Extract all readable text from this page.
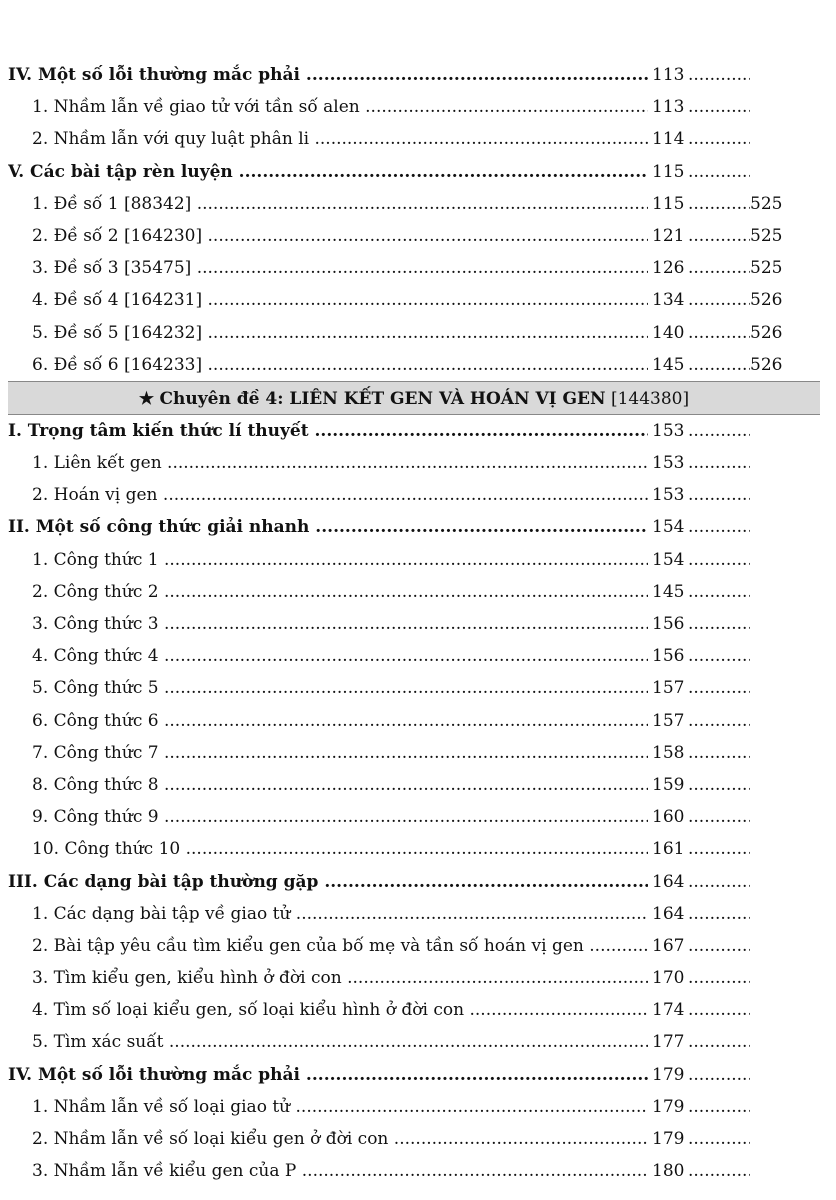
IV. Một số lỗi thường mắc phải .....	113
.....
1. Nhầm lẫn về giao tử với tần số alen .....	113
.....
2. Nhầm lẫn với quy luật phân li .....	114
.....
V. Các bài tập rèn luyện .....	115
.....
1. Đề số 1 [88342] .....	115 .....	525
2. Đề số 2 [164230] .....	121 .....	525
3. Đề số 3 [35475] .....	126 .....	525
4. Đề số 4 [164231] .....	134 .....	526
5. Đề số 5 [164232] .....	140 .....	526
6. Đề số 6 [164233] .....	145 .....	526
★ Chuyên đề 4: LIÊN KẾT GEN VÀ HOÁN VỊ GEN [144380]
I. Trọng tâm kiến thức lí thuyết .....	153
.....
1. Liên kết gen .....	153
.....
2. Hoán vị gen .....	153
.....
II. Một số công thức giải nhanh .....	154
.....
1. Công thức 1 .....	154
.....
2. Công thức 2 .....	145
.....
3. Công thức 3 .....	156
.....
4. Công thức 4 .....	156
.....
5. Công thức 5 .....	157
.....
6. Công thức 6 .....	157
.....
7. Công thức 7 .....	158
.....
8. Công thức 8 .....	159
.....
9. Công thức 9 .....	160
.....
10. Công thức 10 .....	161
.....
III. Các dạng bài tập thường gặp .....	164
.....
1. Các dạng bài tập về giao tử .....	164
.....
2. Bài tập yêu cầu tìm kiểu gen của bố mẹ và tần số hoán vị gen .....	167
.....
3. Tìm kiểu gen, kiểu hình ở đời con .....	170
.....
4. Tìm số loại kiểu gen, số loại kiểu hình ở đời con .....	174
.....
5. Tìm xác suất .....	177
.....
IV. Một số lỗi thường mắc phải .....	179
.....
1. Nhầm lẫn về số loại giao tử .....	179
.....
2. Nhầm lẫn về số loại kiểu gen ở đời con .....	179
.....
3. Nhầm lẫn về kiểu gen của P .....	180
.....
